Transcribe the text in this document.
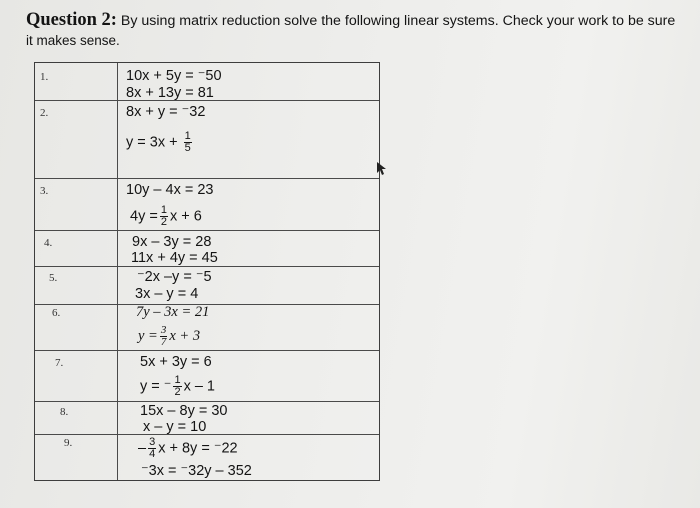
Question 2: By using matrix reduction solve the following linear systems. Check your work to be sure
it makes sense.
1.	10x + 5y = ⁻50
8x + 13y = 81
2.	8x + y = ⁻32
$y = 3x + \frac{1}{5}$
3.	10y – 4x = 23
$4y = \frac{1}{2}$ x + 6
4.	9x – 3y = 28
11x + 4y = 45
5.	⁻2x –y = ⁻5
3x – y = 4
6.	7y – 3x = 21
$y = \frac{3}{7}$ x + 3
7.	5x + 3y = 6
y = ⁻ $\frac{1}{2}$ x – 1
8.	15x – 8y = 30
x – y = 10
9.	– $\frac{3}{4}$ x + 8y = ⁻22
⁻3x = ⁻32y – 352
